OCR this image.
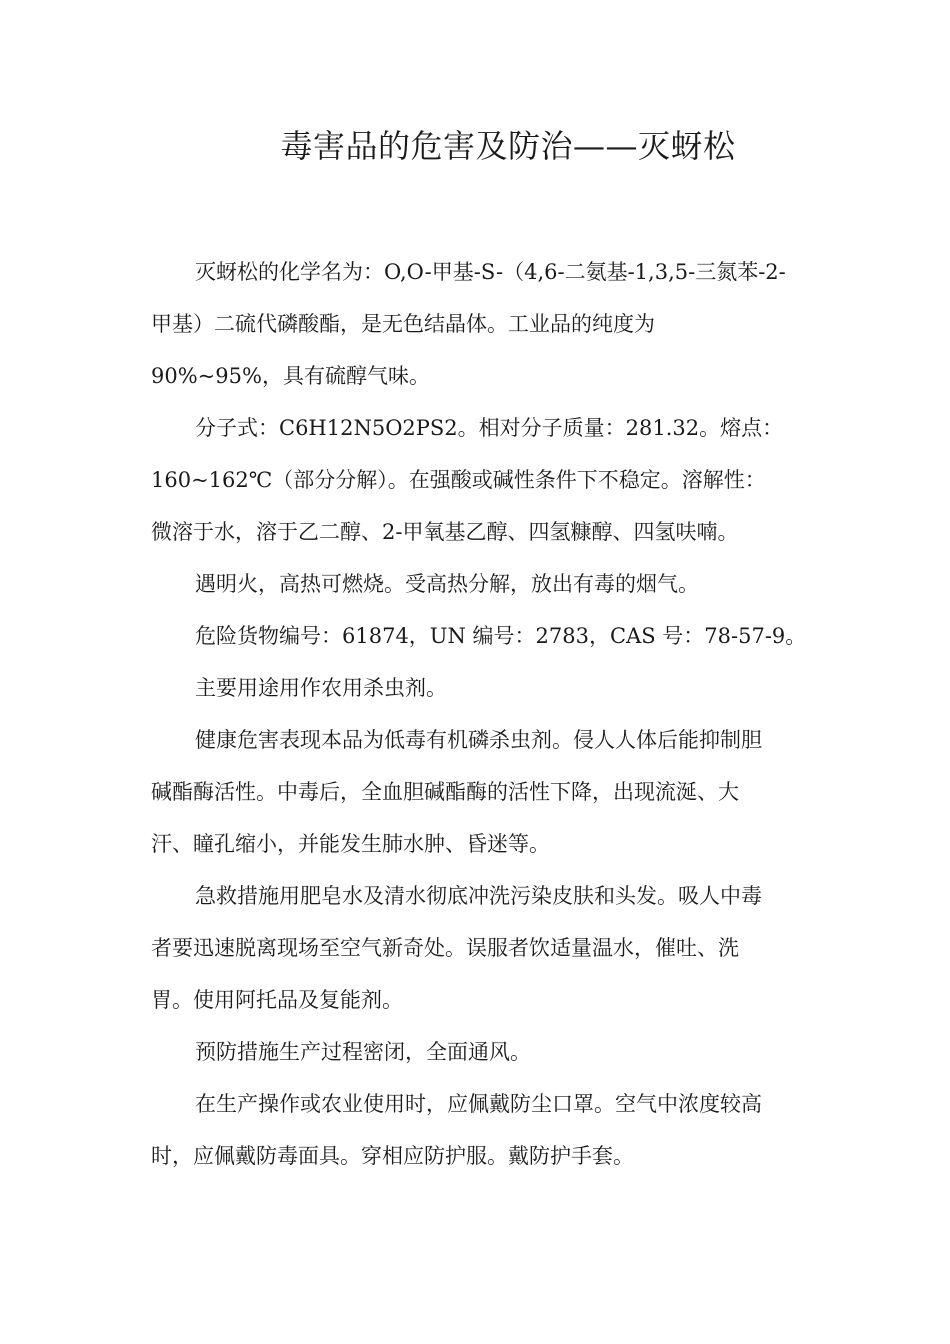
毒害品的危害及防治——灭蚜松

灭蚜松的化学名为：O,O-甲基-S-（4,6-二氨基-1,3,5-三氮苯-2-
甲基）二硫代磷酸酯，是无色结晶体。工业品的纯度为
90%~95%，具有硫醇气味。

分子式：C6H12N5O2PS2。相对分子质量：281.32。熔点：
160~162℃（部分分解）。在强酸或碱性条件下不稳定。溶解性：
微溶于水，溶于乙二醇、2-甲氧基乙醇、四氢糠醇、四氢呋喃。

遇明火，高热可燃烧。受高热分解，放出有毒的烟气。

危险货物编号：61874，UN 编号：2783，CAS 号：78-57-9。

主要用途用作农用杀虫剂。

健康危害表现本品为低毒有机磷杀虫剂。侵人人体后能抑制胆
碱酯酶活性。中毒后，全血胆碱酯酶的活性下降，出现流涎、大
汗、瞳孔缩小，并能发生肺水肿、昏迷等。

急救措施用肥皂水及清水彻底冲洗污染皮肤和头发。吸人中毒
者要迅速脱离现场至空气新奇处。误服者饮适量温水，催吐、洗
胃。使用阿托品及复能剂。

预防措施生产过程密闭，全面通风。

在生产操作或农业使用时，应佩戴防尘口罩。空气中浓度较高
时，应佩戴防毒面具。穿相应防护服。戴防护手套。
